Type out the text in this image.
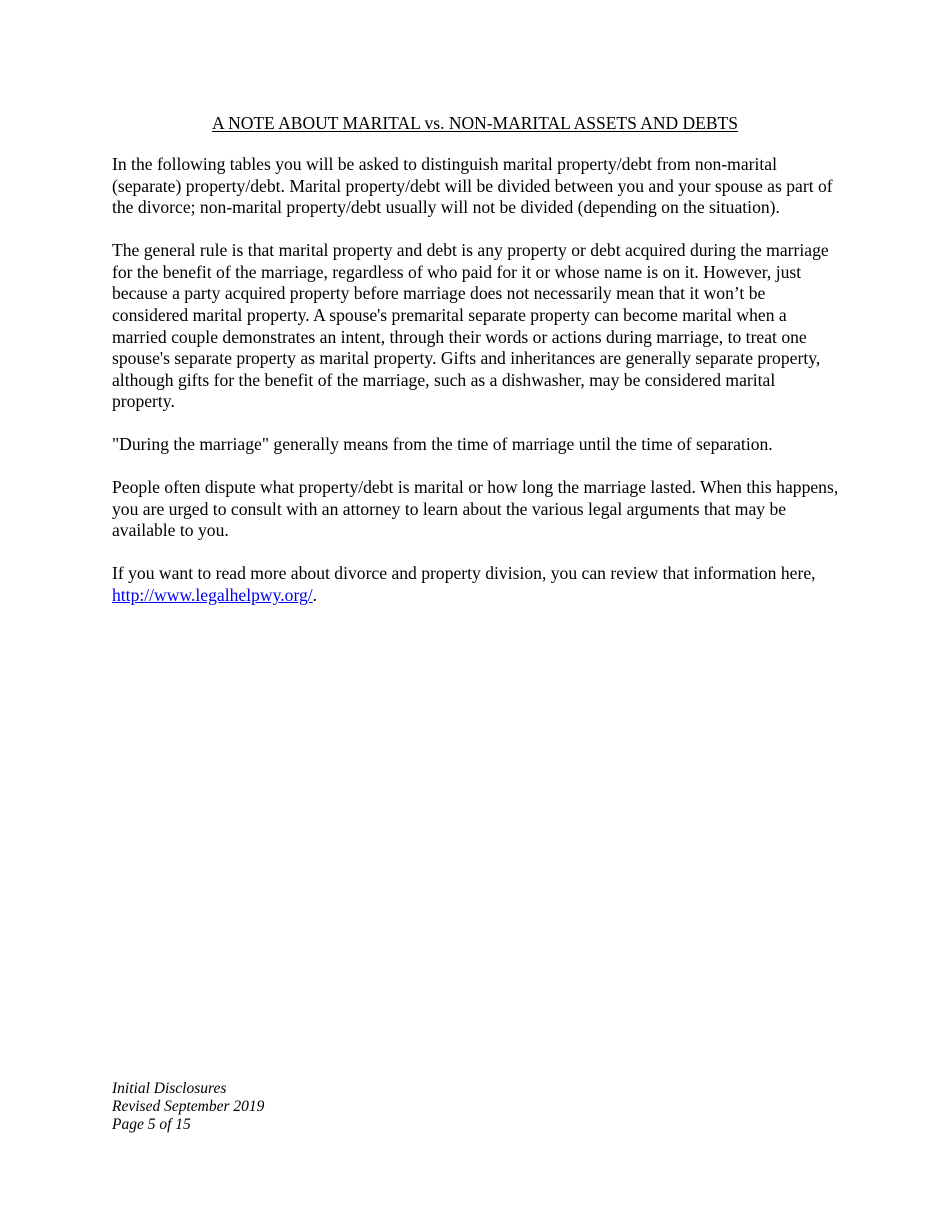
A NOTE ABOUT MARITAL vs. NON-MARITAL ASSETS AND DEBTS

In the following tables you will be asked to distinguish marital property/debt from non-marital (separate) property/debt. Marital property/debt will be divided between you and your spouse as part of the divorce; non-marital property/debt usually will not be divided (depending on the situation).

The general rule is that marital property and debt is any property or debt acquired during the marriage for the benefit of the marriage, regardless of who paid for it or whose name is on it. However, just because a party acquired property before marriage does not necessarily mean that it won’t be considered marital property. A spouse's premarital separate property can become marital when a married couple demonstrates an intent, through their words or actions during marriage, to treat one spouse's separate property as marital property. Gifts and inheritances are generally separate property, although gifts for the benefit of the marriage, such as a dishwasher, may be considered marital property.

"During the marriage" generally means from the time of marriage until the time of separation.

People often dispute what property/debt is marital or how long the marriage lasted. When this happens, you are urged to consult with an attorney to learn about the various legal arguments that may be available to you.

If you want to read more about divorce and property division, you can review that information here, http://www.legalhelpwy.org/.

Initial Disclosures
Revised September 2019
Page 5 of 15
